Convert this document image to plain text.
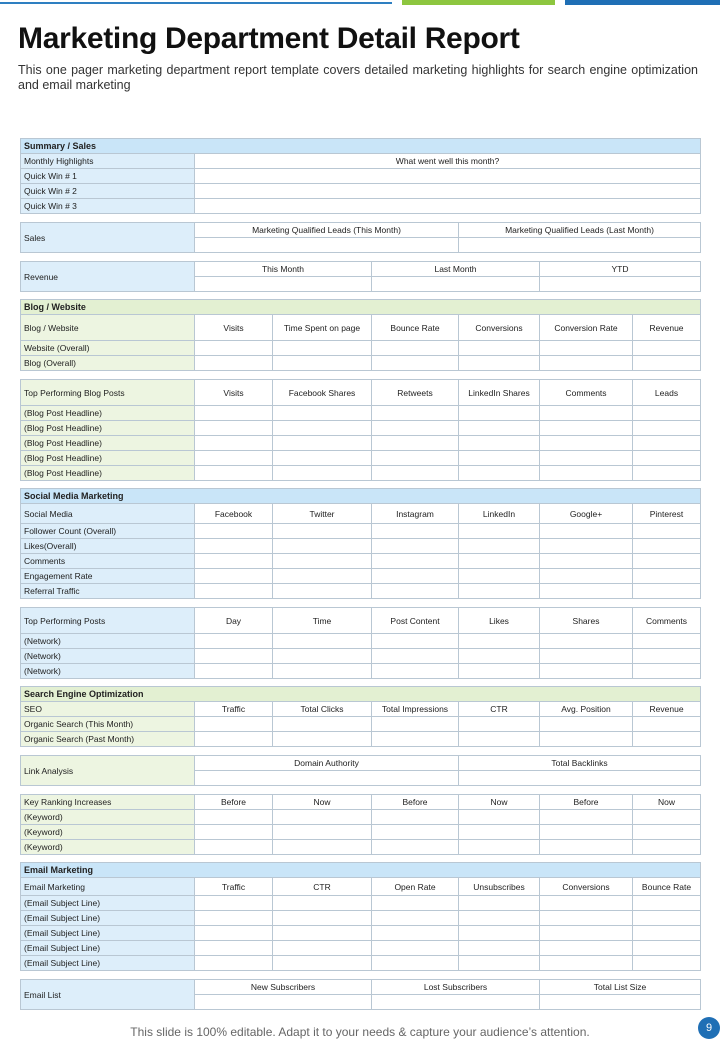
Marketing Department Detail Report

This one pager marketing department report template covers detailed marketing highlights for search engine optimization and email marketing

Summary / Sales	
Monthly Highlights	What went well this month?
Quick Win # 1	
Quick Win # 2	
Quick Win # 3	
Sales	Marketing Qualified Leads (This Month)	Marketing Qualified Leads (Last Month)

Revenue	This Month	Last Month	YTD

Blog / Website						
Blog / Website	Visits	Time Spent on page	Bounce Rate	Conversions	Conversion Rate	Revenue
Website (Overall)						
Blog (Overall)						
Top Performing Blog Posts	Visits	Facebook Shares	Retweets	LinkedIn Shares	Comments	Leads
(Blog Post Headline)						
(Blog Post Headline)						
(Blog Post Headline)						
(Blog Post Headline)						
(Blog Post Headline)						
Social Media Marketing						
Social Media	Facebook	Twitter	Instagram	LinkedIn	Google+	Pinterest
Follower Count (Overall)						
Likes(Overall)						
Comments						
Engagement Rate						
Referral Traffic						
Top Performing Posts	Day	Time	Post Content	Likes	Shares	Comments
(Network)						
(Network)						
(Network)						
Search Engine Optimization						
SEO	Traffic	Total Clicks	Total Impressions	CTR	Avg. Position	Revenue
Organic Search (This Month)						
Organic Search (Past Month)						
Link Analysis	Domain Authority	Total Backlinks

Key Ranking Increases	Before	Now	Before	Now	Before	Now
(Keyword)						
(Keyword)						
(Keyword)						
Email Marketing						
Email Marketing	Traffic	CTR	Open Rate	Unsubscribes	Conversions	Bounce Rate
(Email Subject Line)						
(Email Subject Line)						
(Email Subject Line)						
(Email Subject Line)						
(Email Subject Line)						
Email List	New Subscribers	Lost Subscribers	Total List Size

This slide is 100% editable. Adapt it to your needs & capture your audience’s attention.	9
